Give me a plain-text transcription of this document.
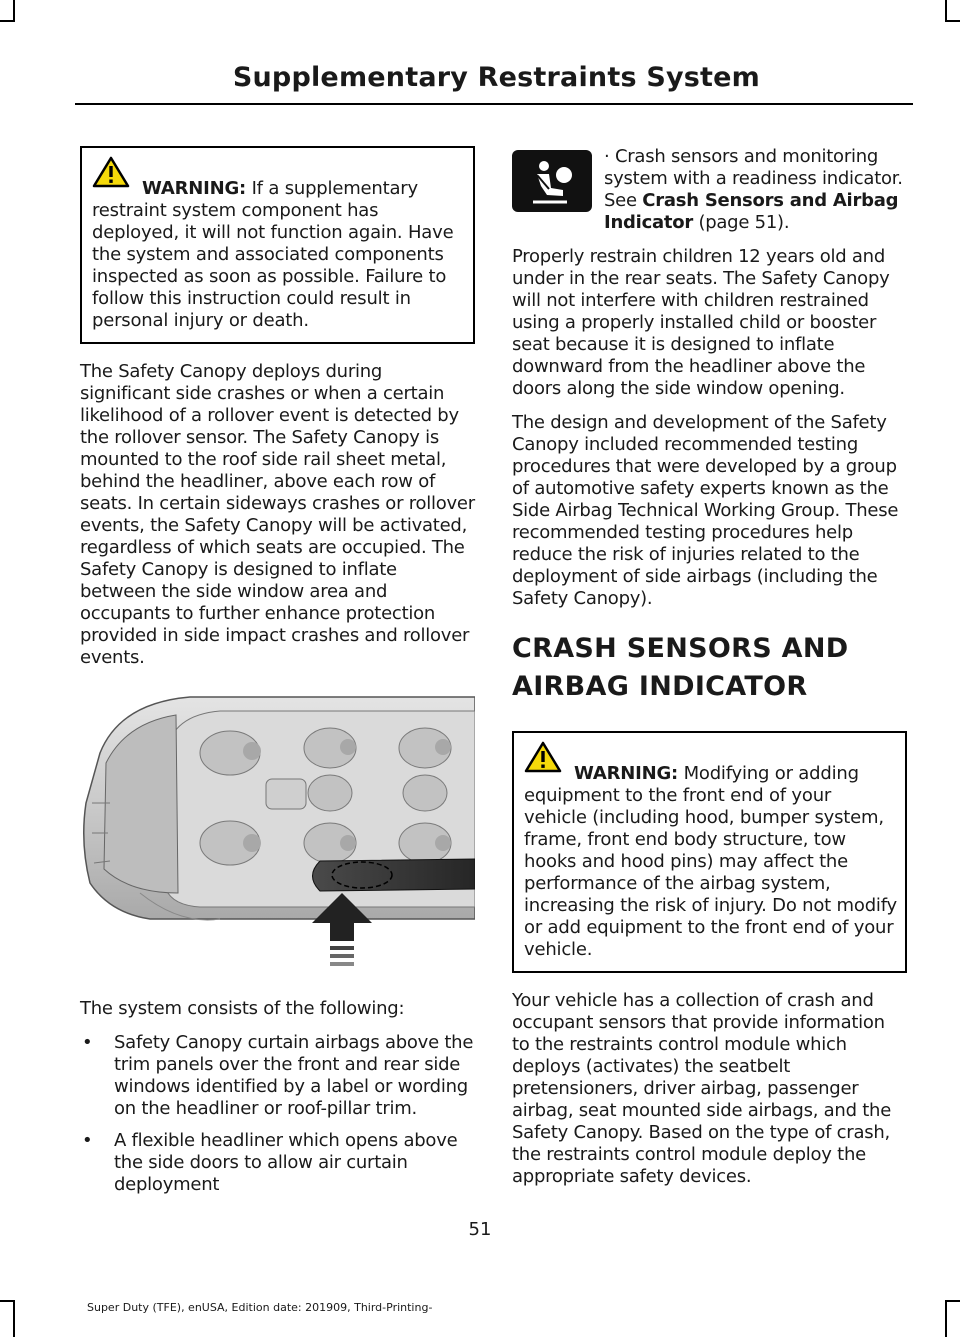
Supplementary Restraints System

WARNING: If a supplementary restraint system component has deployed, it will not function again. Have the system and associated components inspected as soon as possible. Failure to follow this instruction could result in personal injury or death.

The Safety Canopy deploys during significant side crashes or when a certain likelihood of a rollover event is detected by the rollover sensor. The Safety Canopy is mounted to the roof side rail sheet metal, behind the headliner, above each row of seats. In certain sideways crashes or rollover events, the Safety Canopy will be activated, regardless of which seats are occupied. The Safety Canopy is designed to inflate between the side window area and occupants to further enhance protection provided in side impact crashes and rollover events.

The system consists of the following:

• Safety Canopy curtain airbags above the trim panels over the front and rear side windows identified by a label or wording on the headliner or roof-pillar trim.
• A flexible headliner which opens above the side doors to allow air curtain deployment

· Crash sensors and monitoring system with a readiness indicator. See Crash Sensors and Airbag Indicator (page 51).

Properly restrain children 12 years old and under in the rear seats. The Safety Canopy will not interfere with children restrained using a properly installed child or booster seat because it is designed to inflate downward from the headliner above the doors along the side window opening.

The design and development of the Safety Canopy included recommended testing procedures that were developed by a group of automotive safety experts known as the Side Airbag Technical Working Group. These recommended testing procedures help reduce the risk of injuries related to the deployment of side airbags (including the Safety Canopy).

CRASH SENSORS AND
AIRBAG INDICATOR

WARNING: Modifying or adding equipment to the front end of your vehicle (including hood, bumper system, frame, front end body structure, tow hooks and hood pins) may affect the performance of the airbag system, increasing the risk of injury. Do not modify or add equipment to the front end of your vehicle.

Your vehicle has a collection of crash and occupant sensors that provide information to the restraints control module which deploys (activates) the seatbelt pretensioners, driver airbag, passenger airbag, seat mounted side airbags, and the Safety Canopy. Based on the type of crash, the restraints control module deploy the appropriate safety devices.

51
Super Duty (TFE), enUSA, Edition date: 201909, Third-Printing-
